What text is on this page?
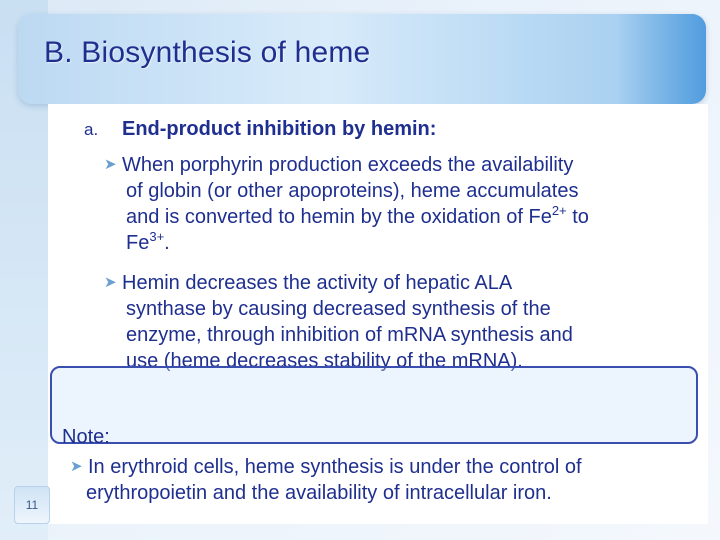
B. Biosynthesis of heme
a. End-product inhibition by hemin:
➤ When porphyrin production exceeds the availability
of globin (or other apoproteins), heme accumulates
and is converted to hemin by the oxidation of $Fe^{2+}$ to
$Fe^{3+}$.
➤ Hemin decreases the activity of hepatic ALA
synthase by causing decreased synthesis of the
enzyme, through inhibition of mRNA synthesis and
use (heme decreases stability of the mRNA).
Note:
➤ In erythroid cells, heme synthesis is under the control of
erythropoietin and the availability of intracellular iron.
11
